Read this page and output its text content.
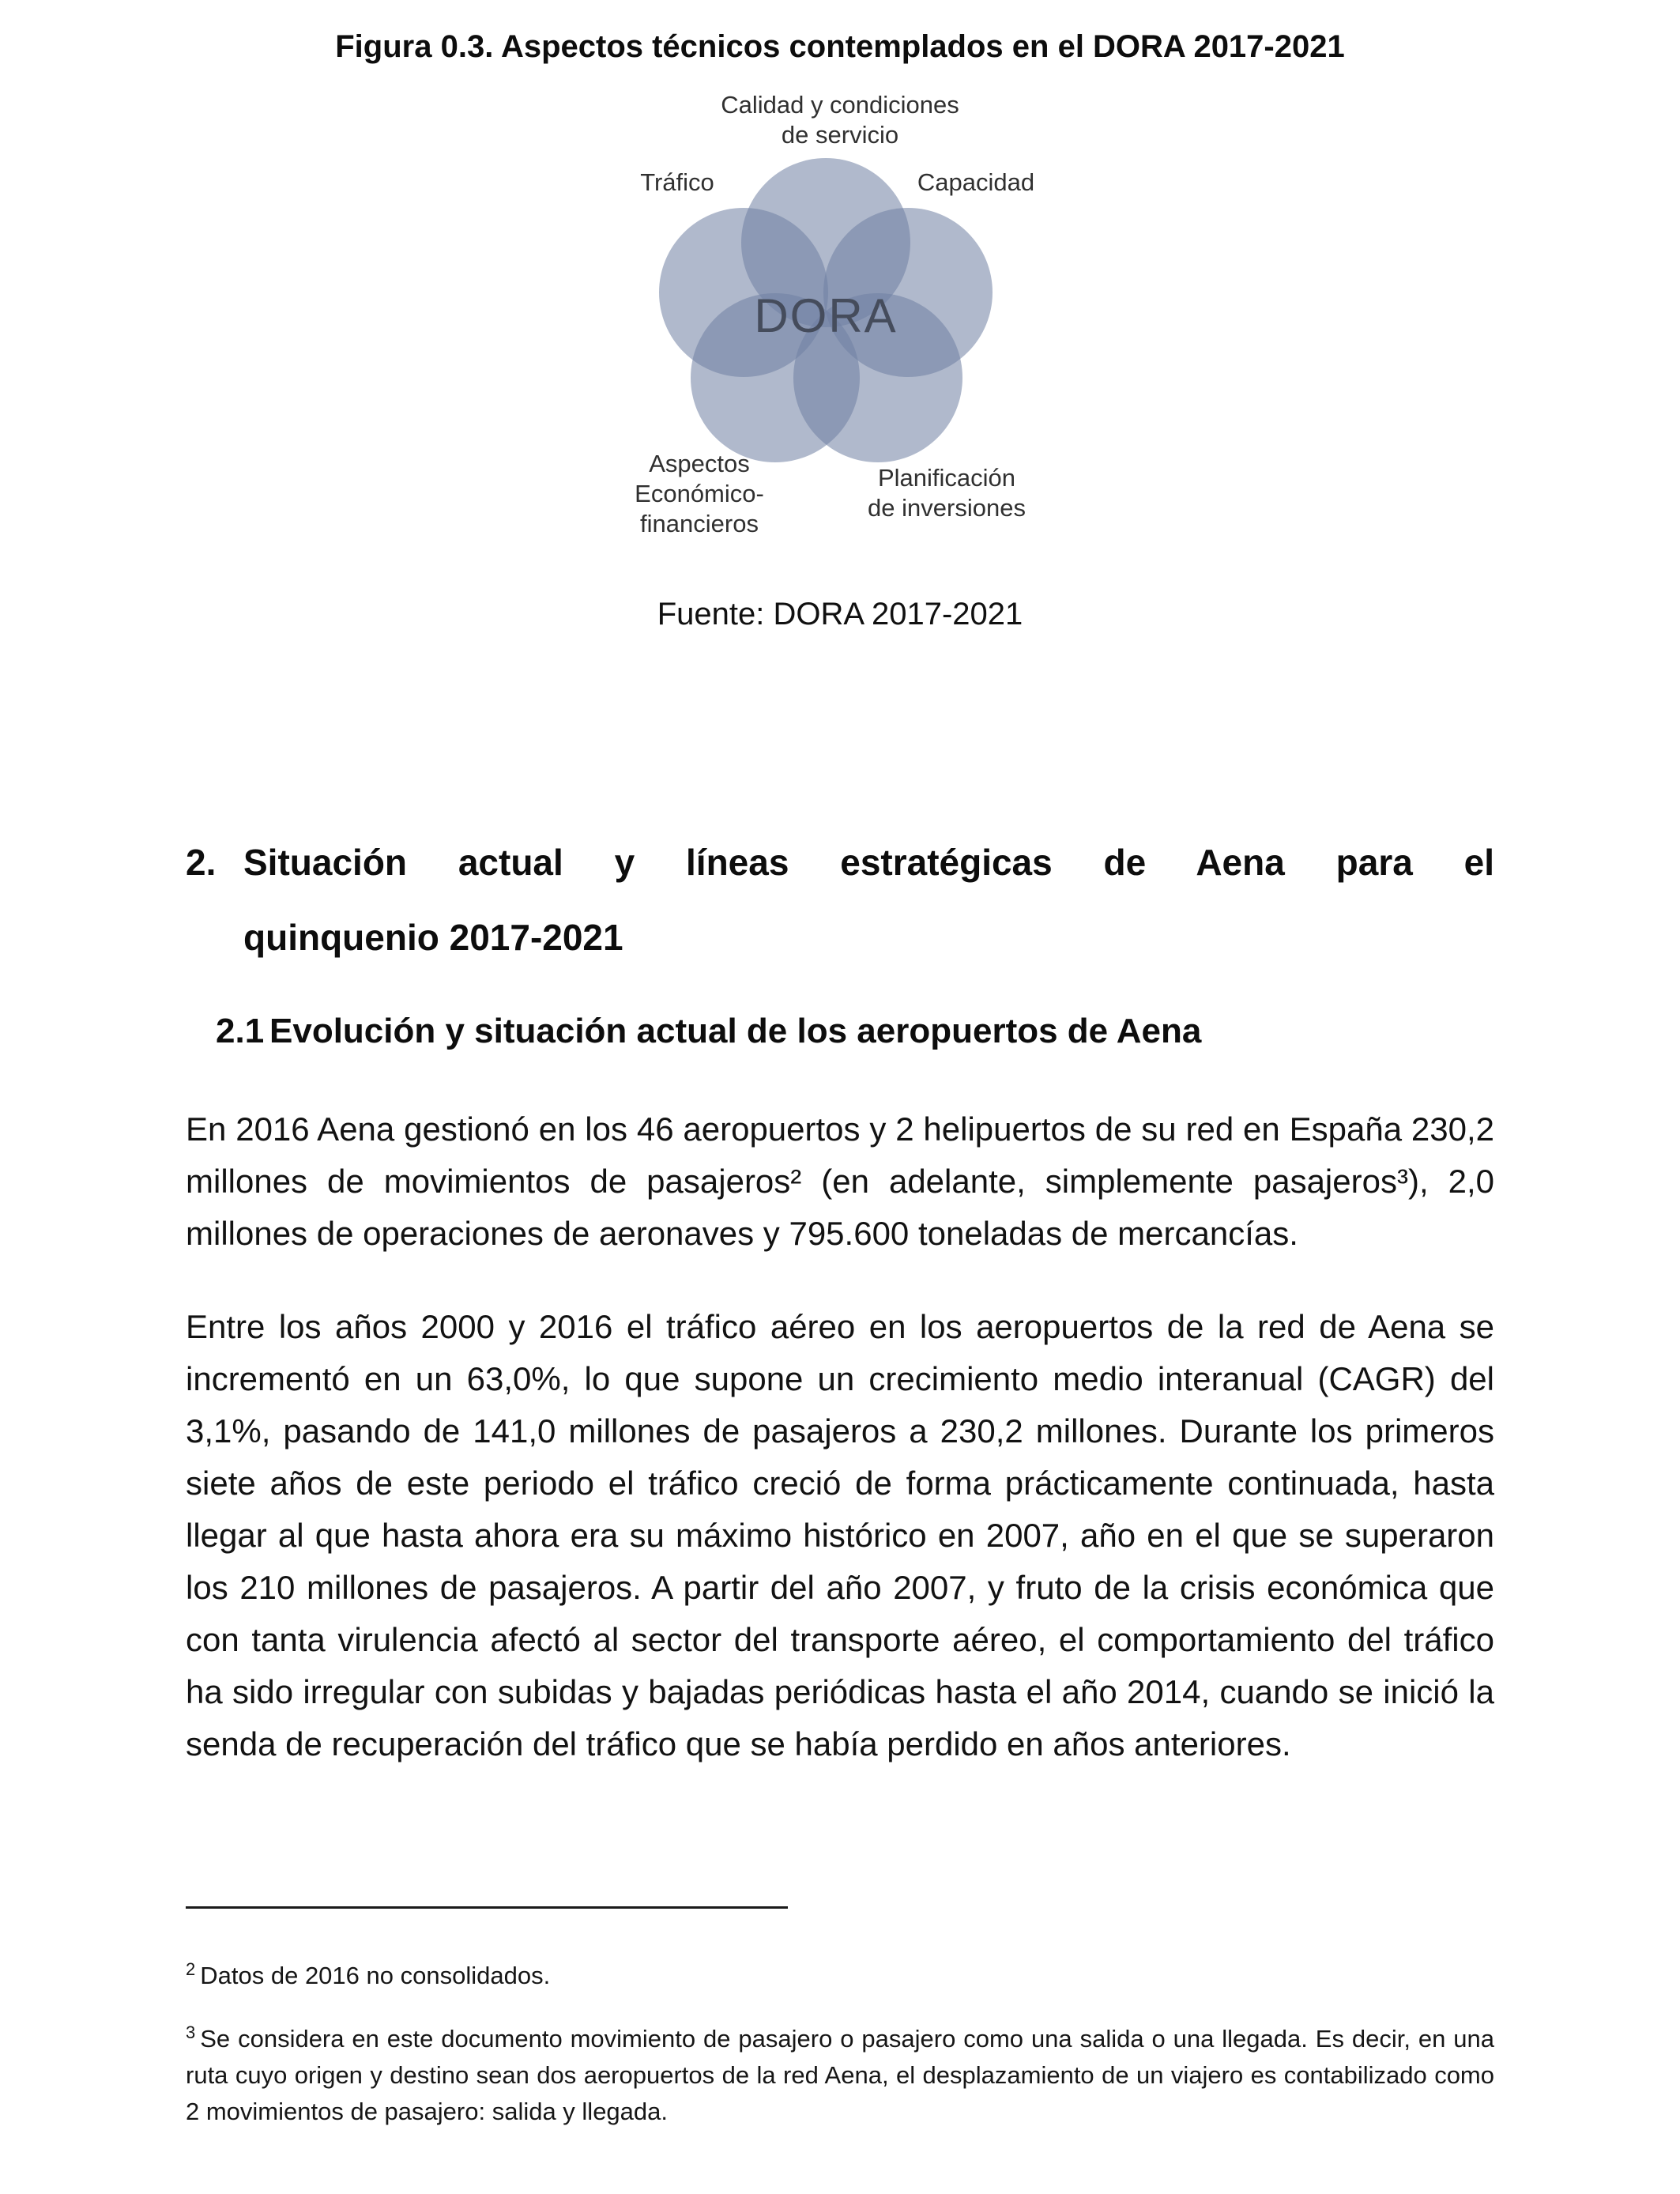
Figura 0.3. Aspectos técnicos contemplados en el DORA 2017-2021
Calidad y condiciones
de servicio
Tráfico	Capacidad
Aspectos
Económico-
financieros
Planificación
de inversiones
DORA
Fuente: DORA 2017-2021
2. Situación actual y líneas estratégicas de Aena para el
quinquenio 2017-2021
2.1 Evolución y situación actual de los aeropuertos de Aena

En 2016 Aena gestionó en los 46 aeropuertos y 2 helipuertos de su red en España 230,2 millones de movimientos de pasajeros² (en adelante, simplemente pasajeros³), 2,0 millones de operaciones de aeronaves y 795.600 toneladas de mercancías.

Entre los años 2000 y 2016 el tráfico aéreo en los aeropuertos de la red de Aena se incrementó en un 63,0%, lo que supone un crecimiento medio interanual (CAGR) del 3,1%, pasando de 141,0 millones de pasajeros a 230,2 millones. Durante los primeros siete años de este periodo el tráfico creció de forma prácticamente continuada, hasta llegar al que hasta ahora era su máximo histórico en 2007, año en el que se superaron los 210 millones de pasajeros. A partir del año 2007, y fruto de la crisis económica que con tanta virulencia afectó al sector del transporte aéreo, el comportamiento del tráfico ha sido irregular con subidas y bajadas periódicas hasta el año 2014, cuando se inició la senda de recuperación del tráfico que se había perdido en años anteriores.

$^2$ Datos de 2016 no consolidados.
$^3$ Se considera en este documento movimiento de pasajero o pasajero como una salida o una llegada. Es decir, en una ruta cuyo origen y destino sean dos aeropuertos de la red Aena, el desplazamiento de un viajero es contabilizado como 2 movimientos de pasajero: salida y llegada.
